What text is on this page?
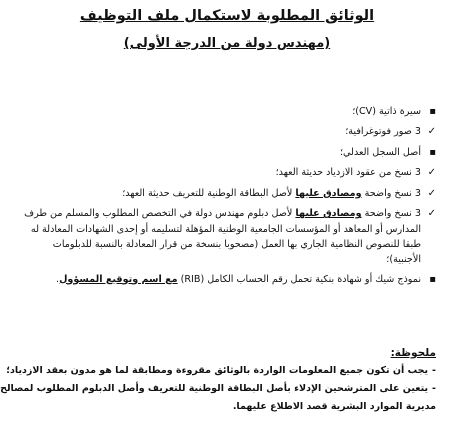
الوثائق المطلوبة لاستكمال ملف التوظيف
(مهندس دولة من الدرجة الأولى)
▪
سيرة ذاتية (CV)؛
✓
3 صور فوتوغرافية؛
▪
أصل السجل العدلي؛
✓
3 نسخ من عقود الازدياد حديثة العهد؛
✓
3 نسخ واضحة ومصادق عليها لأصل البطاقة الوطنية للتعريف حديثة العهد؛
✓
3 نسخ واضحة ومصادق عليها لأصل دبلوم مهندس دولة في التخصص المطلوب والمسلم من طرف المدارس أو المعاهد أو المؤسسات الجامعية الوطنية المؤهلة لتسليمه أو إحدى الشهادات المعادلة له طبقا للنصوص النظامية الجاري بها العمل (مصحوبا بنسخة من قرار المعادلة بالنسبة للدبلومات الأجنبية)؛
▪
نموذج شيك أو شهادة بنكية تحمل رقم الحساب الكامل (RIB) مع اسم وتوقيع المسؤول.
ملحوظة:
-يجب أن تكون جميع المعلومات الواردة بالوثائق مقروءة ومطابقة لما هو مدون بعقد الازدياد؛
-يتعين على المترشحين الإدلاء بأصل البطاقة الوطنية للتعريف وأصل الدبلوم المطلوب لمصالح
مديرية الموارد البشرية قصد الاطلاع عليهما.
